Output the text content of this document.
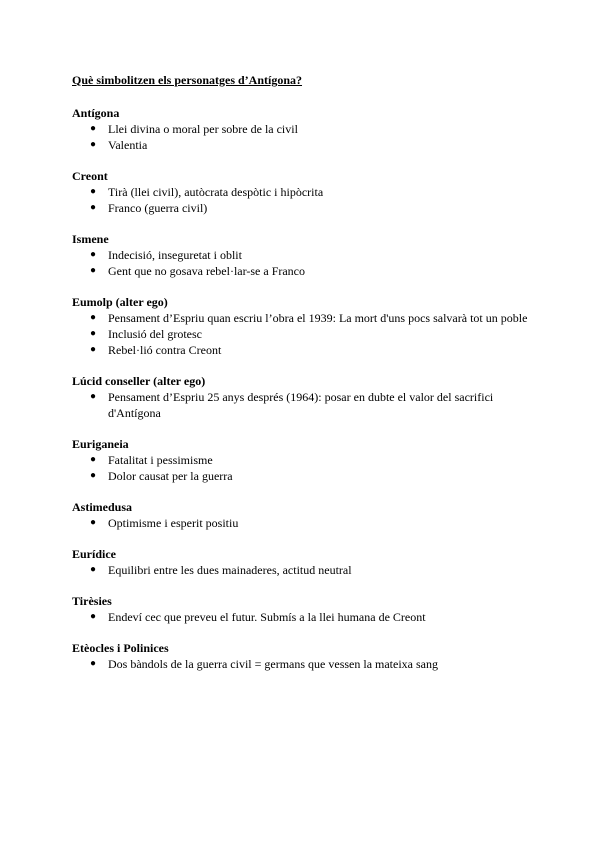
Què simbolitzen els personatges d’Antígona?
Antígona
● Llei divina o moral per sobre de la civil
● Valentia
Creont
● Tirà (llei civil), autòcrata despòtic i hipòcrita
● Franco (guerra civil)
Ismene
● Indecisió, inseguretat i oblit
● Gent que no gosava rebel·lar-se a Franco
Eumolp (alter ego)
● Pensament d’Espriu quan escriu l’obra el 1939: La mort d'uns pocs salvarà tot un poble
● Inclusió del grotesc
● Rebel·lió contra Creont
Lúcid conseller (alter ego)
● Pensament d’Espriu 25 anys després (1964): posar en dubte el valor del sacrifici d'Antígona
Euriganeia
● Fatalitat i pessimisme
● Dolor causat per la guerra
Astimedusa
● Optimisme i esperit positiu
Eurídice
● Equilibri entre les dues mainaderes, actitud neutral
Tirèsies
● Endeví cec que preveu el futur. Submís a la llei humana de Creont
Etèocles i Polinices
● Dos bàndols de la guerra civil = germans que vessen la mateixa sang
